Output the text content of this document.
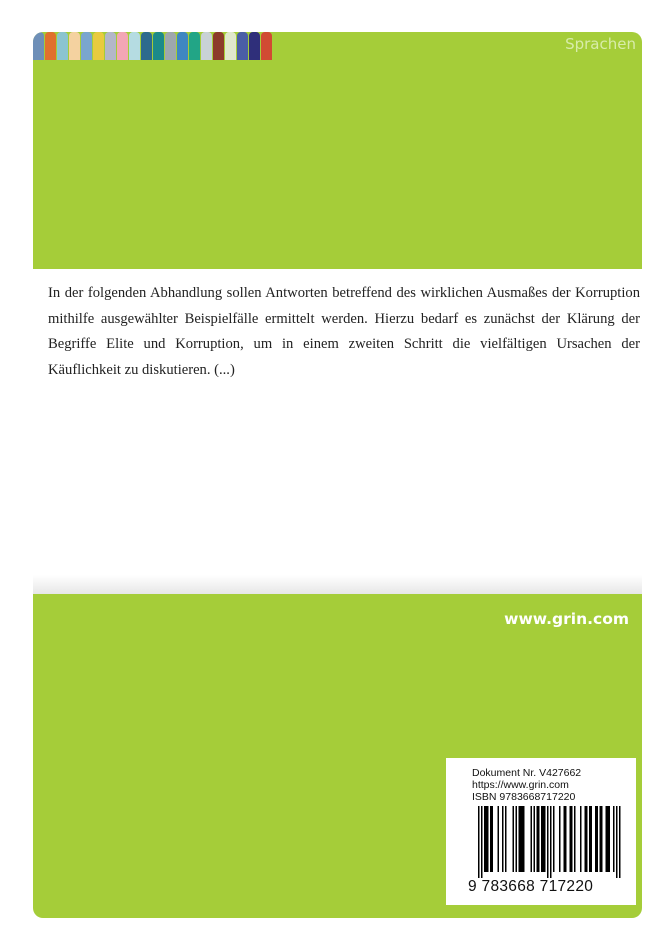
Sprachen

In der folgenden Abhandlung sollen Antworten betreffend des wirklichen Ausmaßes der Korruption mithilfe ausgewählter Beispielfälle ermittelt werden. Hierzu bedarf es zunächst der Klärung der Begriffe Elite und Korruption, um in einem zweiten Schritt die vielfältigen Ursachen der Käuflichkeit zu diskutieren. (...)

www.grin.com
Dokument Nr. V427662
https://www.grin.com
ISBN 9783668717220
9 783668 717220
